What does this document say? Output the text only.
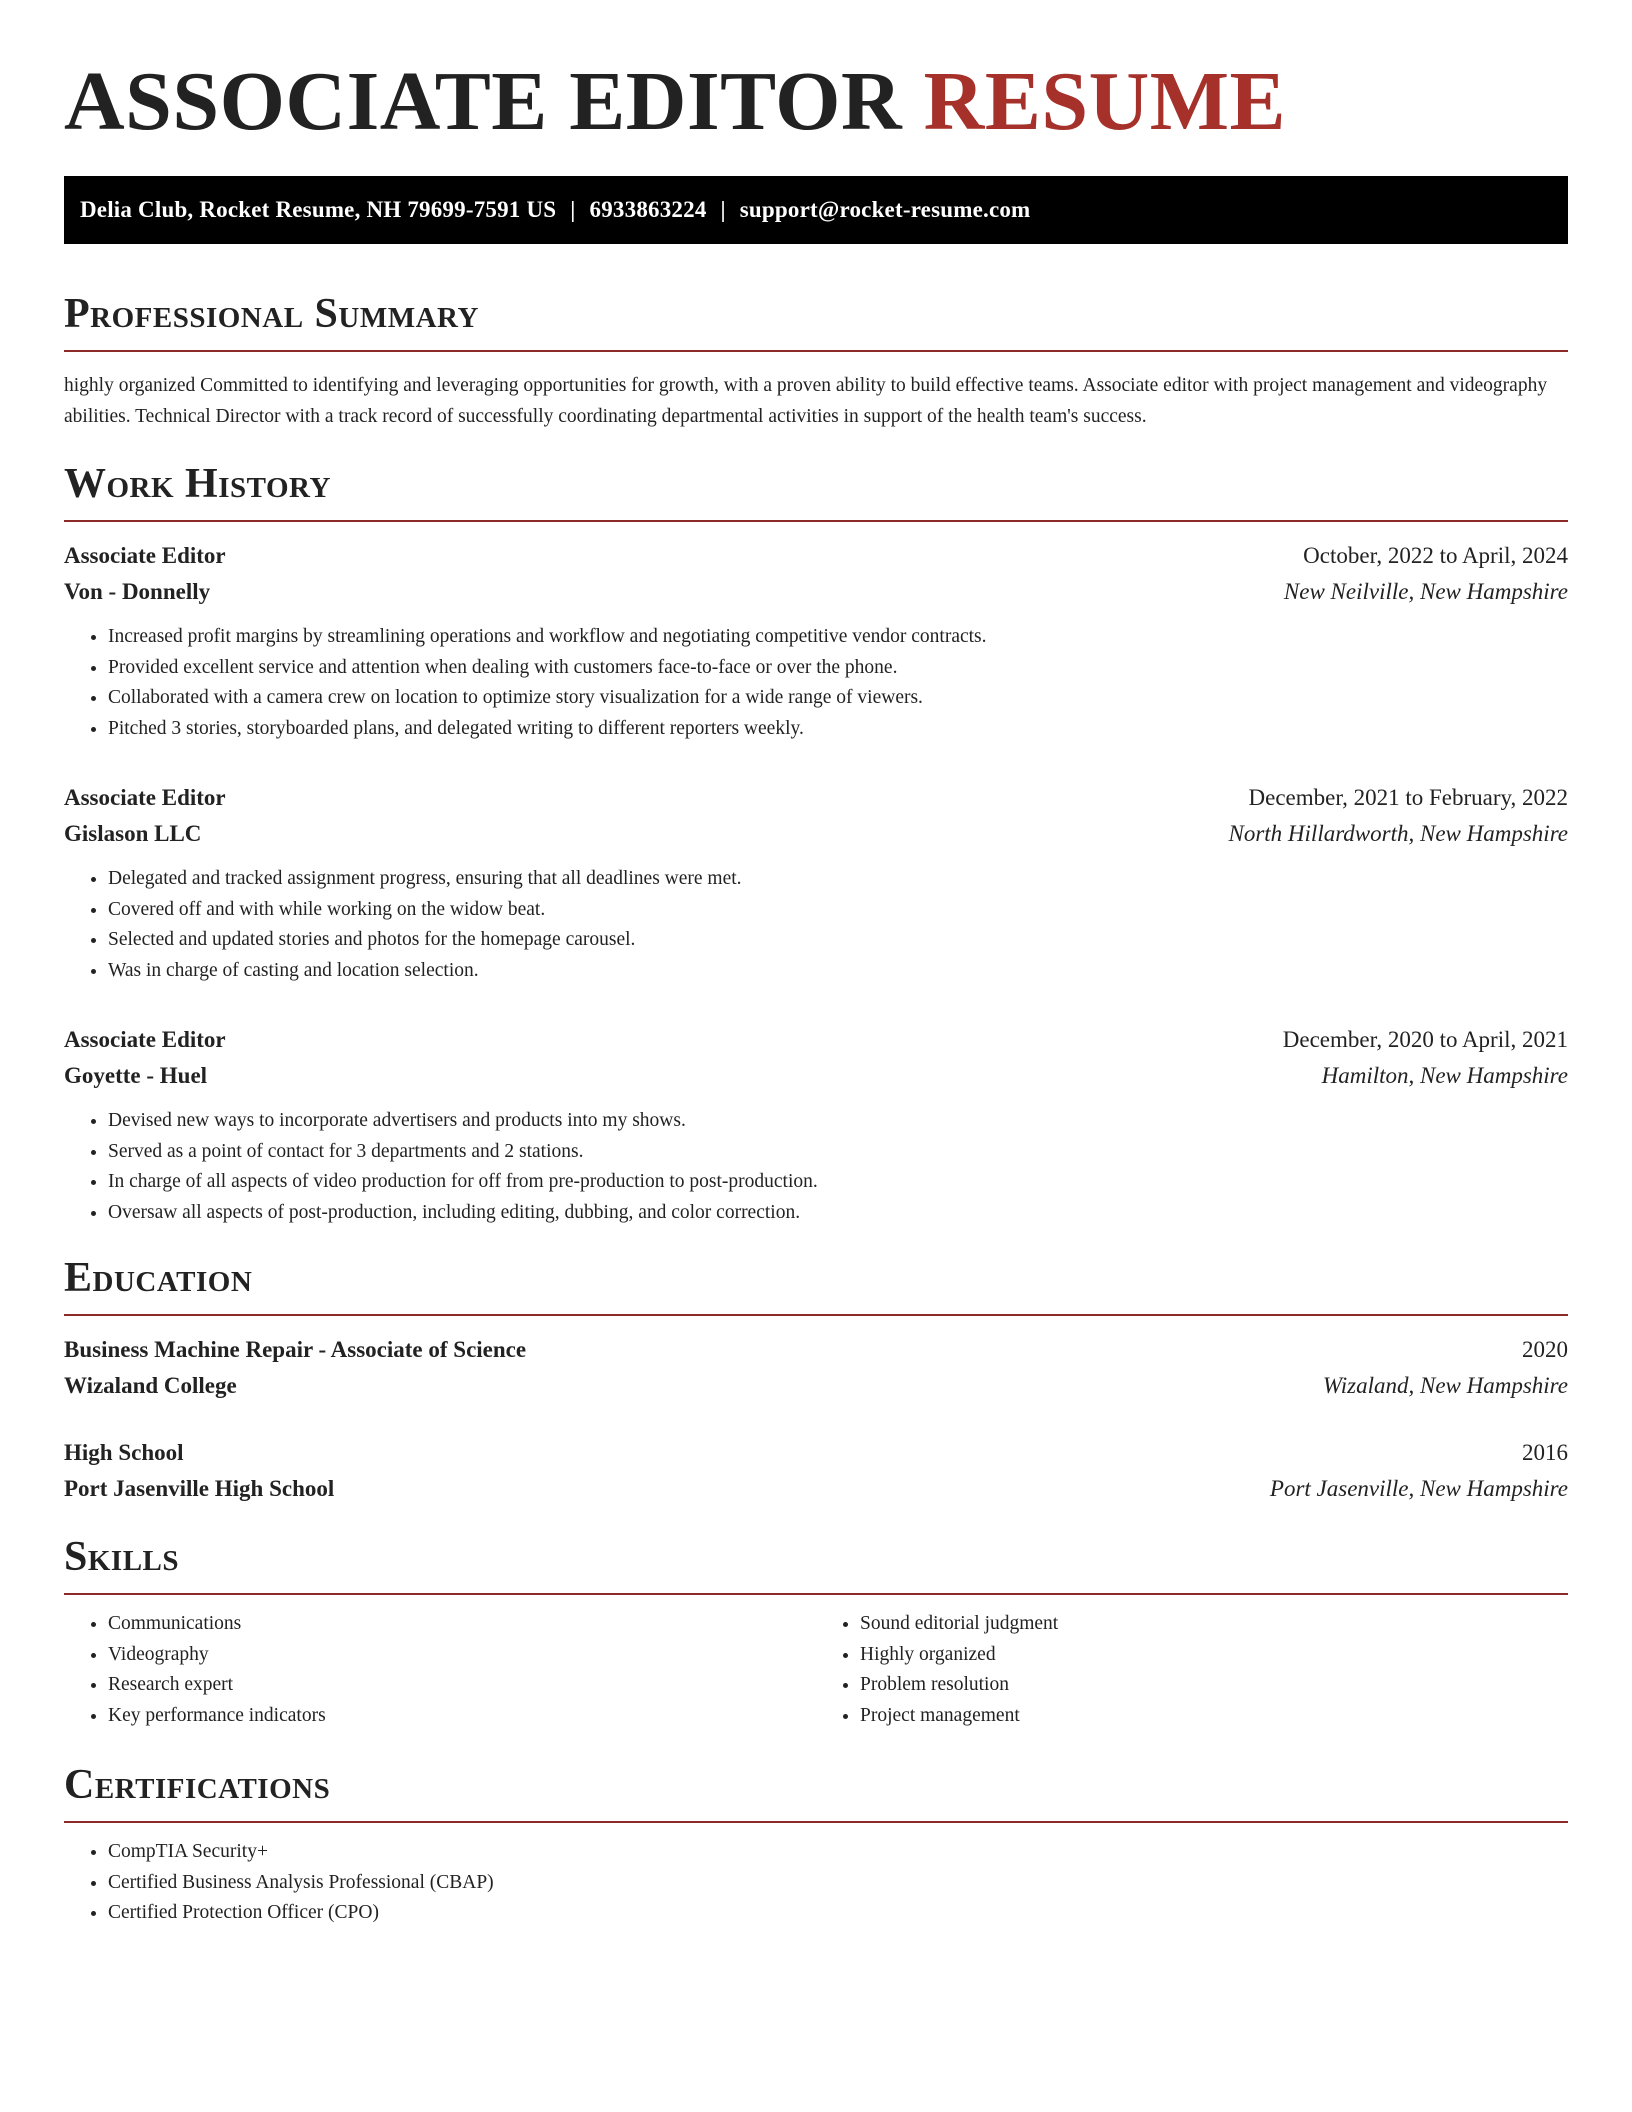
ASSOCIATE EDITOR RESUME
Delia Club, Rocket Resume, NH 79699-7591 US | 6933863224 | support@rocket-resume.com
Professional Summary

highly organized Committed to identifying and leveraging opportunities for growth, with a proven ability to build effective teams. Associate editor with project management and videography abilities. Technical Director with a track record of successfully coordinating departmental activities in support of the health team's success.

Work History
Associate Editor	October, 2022 to April, 2024
Von - Donnelly	New Neilville, New Hampshire
• Increased profit margins by streamlining operations and workflow and negotiating competitive vendor contracts.
• Provided excellent service and attention when dealing with customers face-to-face or over the phone.
• Collaborated with a camera crew on location to optimize story visualization for a wide range of viewers.
• Pitched 3 stories, storyboarded plans, and delegated writing to different reporters weekly.
Associate Editor	December, 2021 to February, 2022
Gislason LLC	North Hillardworth, New Hampshire
• Delegated and tracked assignment progress, ensuring that all deadlines were met.
• Covered off and with while working on the widow beat.
• Selected and updated stories and photos for the homepage carousel.
• Was in charge of casting and location selection.
Associate Editor	December, 2020 to April, 2021
Goyette - Huel	Hamilton, New Hampshire
• Devised new ways to incorporate advertisers and products into my shows.
• Served as a point of contact for 3 departments and 2 stations.
• In charge of all aspects of video production for off from pre-production to post-production.
• Oversaw all aspects of post-production, including editing, dubbing, and color correction.
Education
Business Machine Repair - Associate of Science	2020
Wizaland College	Wizaland, New Hampshire
High School	2016
Port Jasenville High School	Port Jasenville, New Hampshire
Skills
• Communications
• Videography
• Research expert
• Key performance indicators
• Sound editorial judgment
• Highly organized
• Problem resolution
• Project management
Certifications
• CompTIA Security+
• Certified Business Analysis Professional (CBAP)
• Certified Protection Officer (CPO)
